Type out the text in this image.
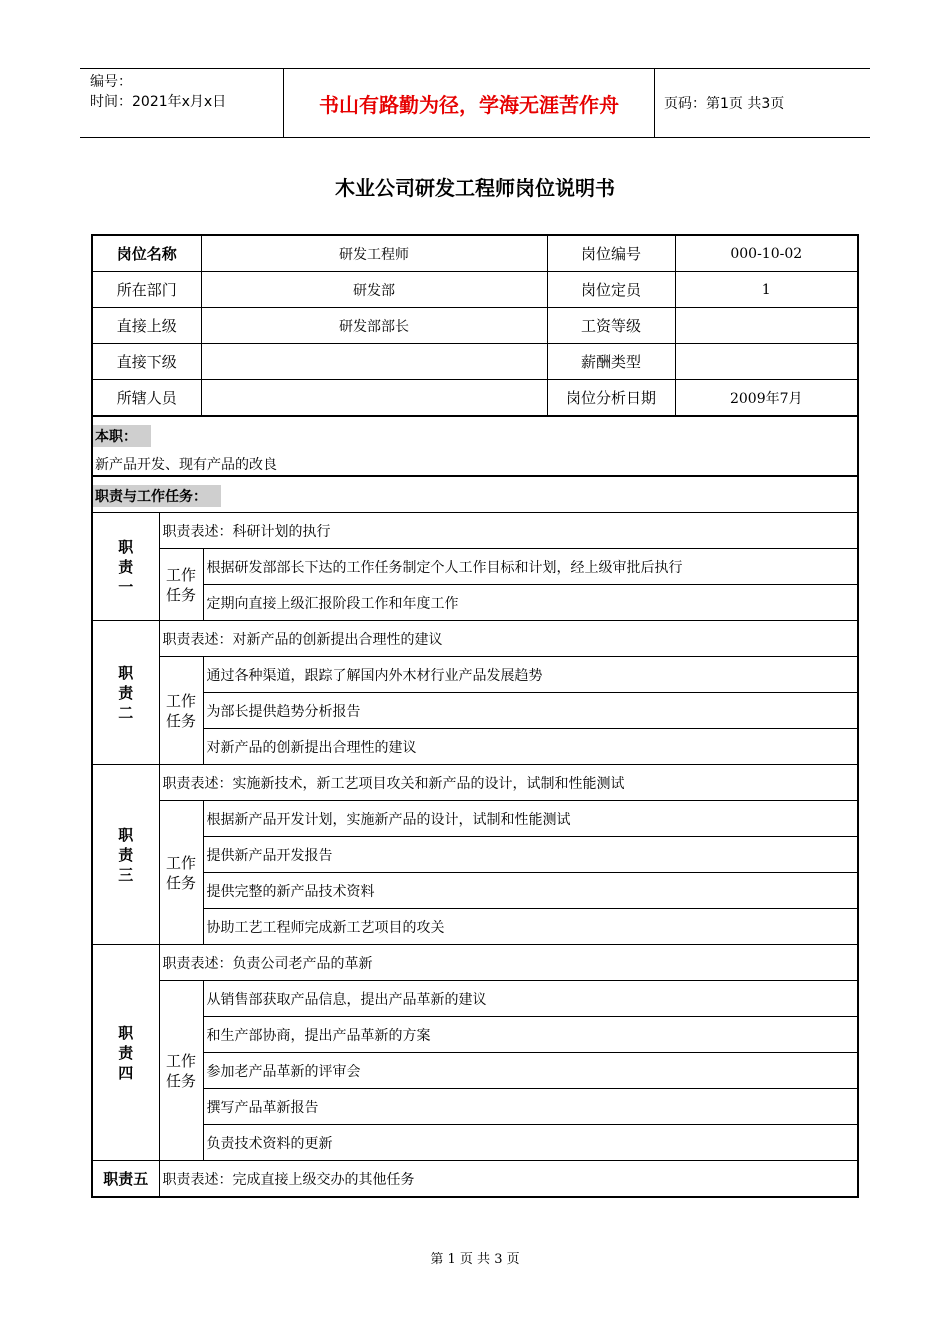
编号：
时间：2021年x月x日	书山有路勤为径，学海无涯苦作舟	页码：第1页 共3页
木业公司研发工程师岗位说明书
岗位名称	研发工程师	岗位编号	000-10-02
所在部门	研发部	岗位定员	1
直接上级	研发部部长	工资等级	
直接下级		薪酬类型	
所辖人员		岗位分析日期	2009年7月
本职：
新产品开发、现有产品的改良
职责与工作任务：
职责一	职责表述：科研计划的执行	
	工作任务	根据研发部部长下达的工作任务制定个人工作目标和计划，经上级审批后执行
		定期向直接上级汇报阶段工作和年度工作
职责二	职责表述：对新产品的创新提出合理性的建议	
	工作任务	通过各种渠道，跟踪了解国内外木材行业产品发展趋势
		为部长提供趋势分析报告
		对新产品的创新提出合理性的建议
职责三	职责表述：实施新技术，新工艺项目攻关和新产品的设计，试制和性能测试	
	工作任务	根据新产品开发计划，实施新产品的设计，试制和性能测试
		提供新产品开发报告
		提供完整的新产品技术资料
		协助工艺工程师完成新工艺项目的攻关
职责四	职责表述：负责公司老产品的革新	
	工作任务	从销售部获取产品信息，提出产品革新的建议
		和生产部协商，提出产品革新的方案
		参加老产品革新的评审会
		撰写产品革新报告
		负责技术资料的更新
职责五	职责表述：完成直接上级交办的其他任务	
第 1 页 共 3 页
